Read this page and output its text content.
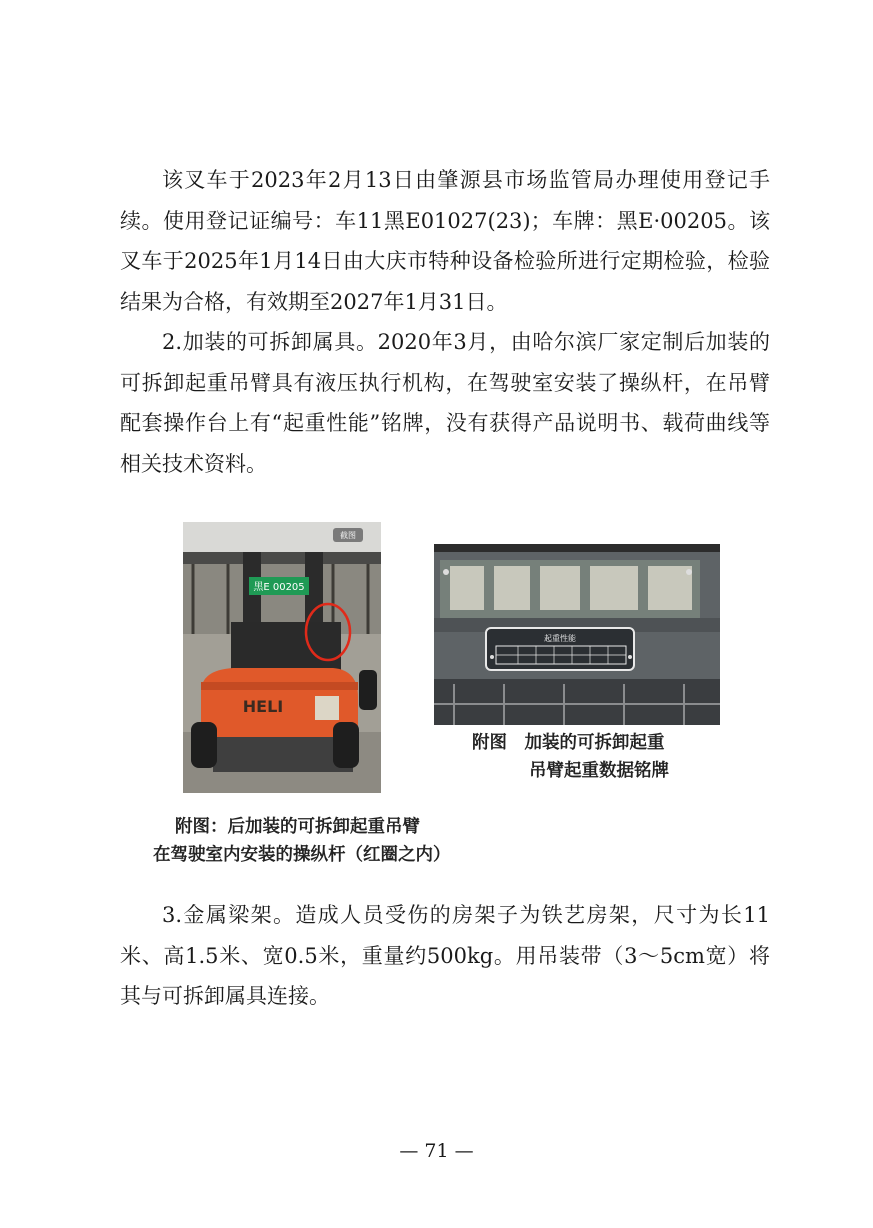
该叉车于2023年2月13日由肇源县市场监管局办理使用登记手续。使用登记证编号：车11黑E01027(23)；车牌：黑E·00205。该叉车于2025年1月14日由大庆市特种设备检验所进行定期检验，检验结果为合格，有效期至2027年1月31日。

2.加装的可拆卸属具。2020年3月，由哈尔滨厂家定制后加装的可拆卸起重吊臂具有液压执行机构，在驾驶室安装了操纵杆，在吊臂配套操作台上有“起重性能”铭牌，没有获得产品说明书、载荷曲线等相关技术资料。

黑E 00205
HELI
截图
起重性能

附图　加装的可拆卸起重

吊臂起重数据铭牌

附图：后加装的可拆卸起重吊臂

在驾驶室内安装的操纵杆（红圈之内）

3.金属梁架。造成人员受伤的房架子为铁艺房架，尺寸为长11米、高1.5米、宽0.5米，重量约500kg。用吊装带（3～5cm宽）将其与可拆卸属具连接。

— 71 —
